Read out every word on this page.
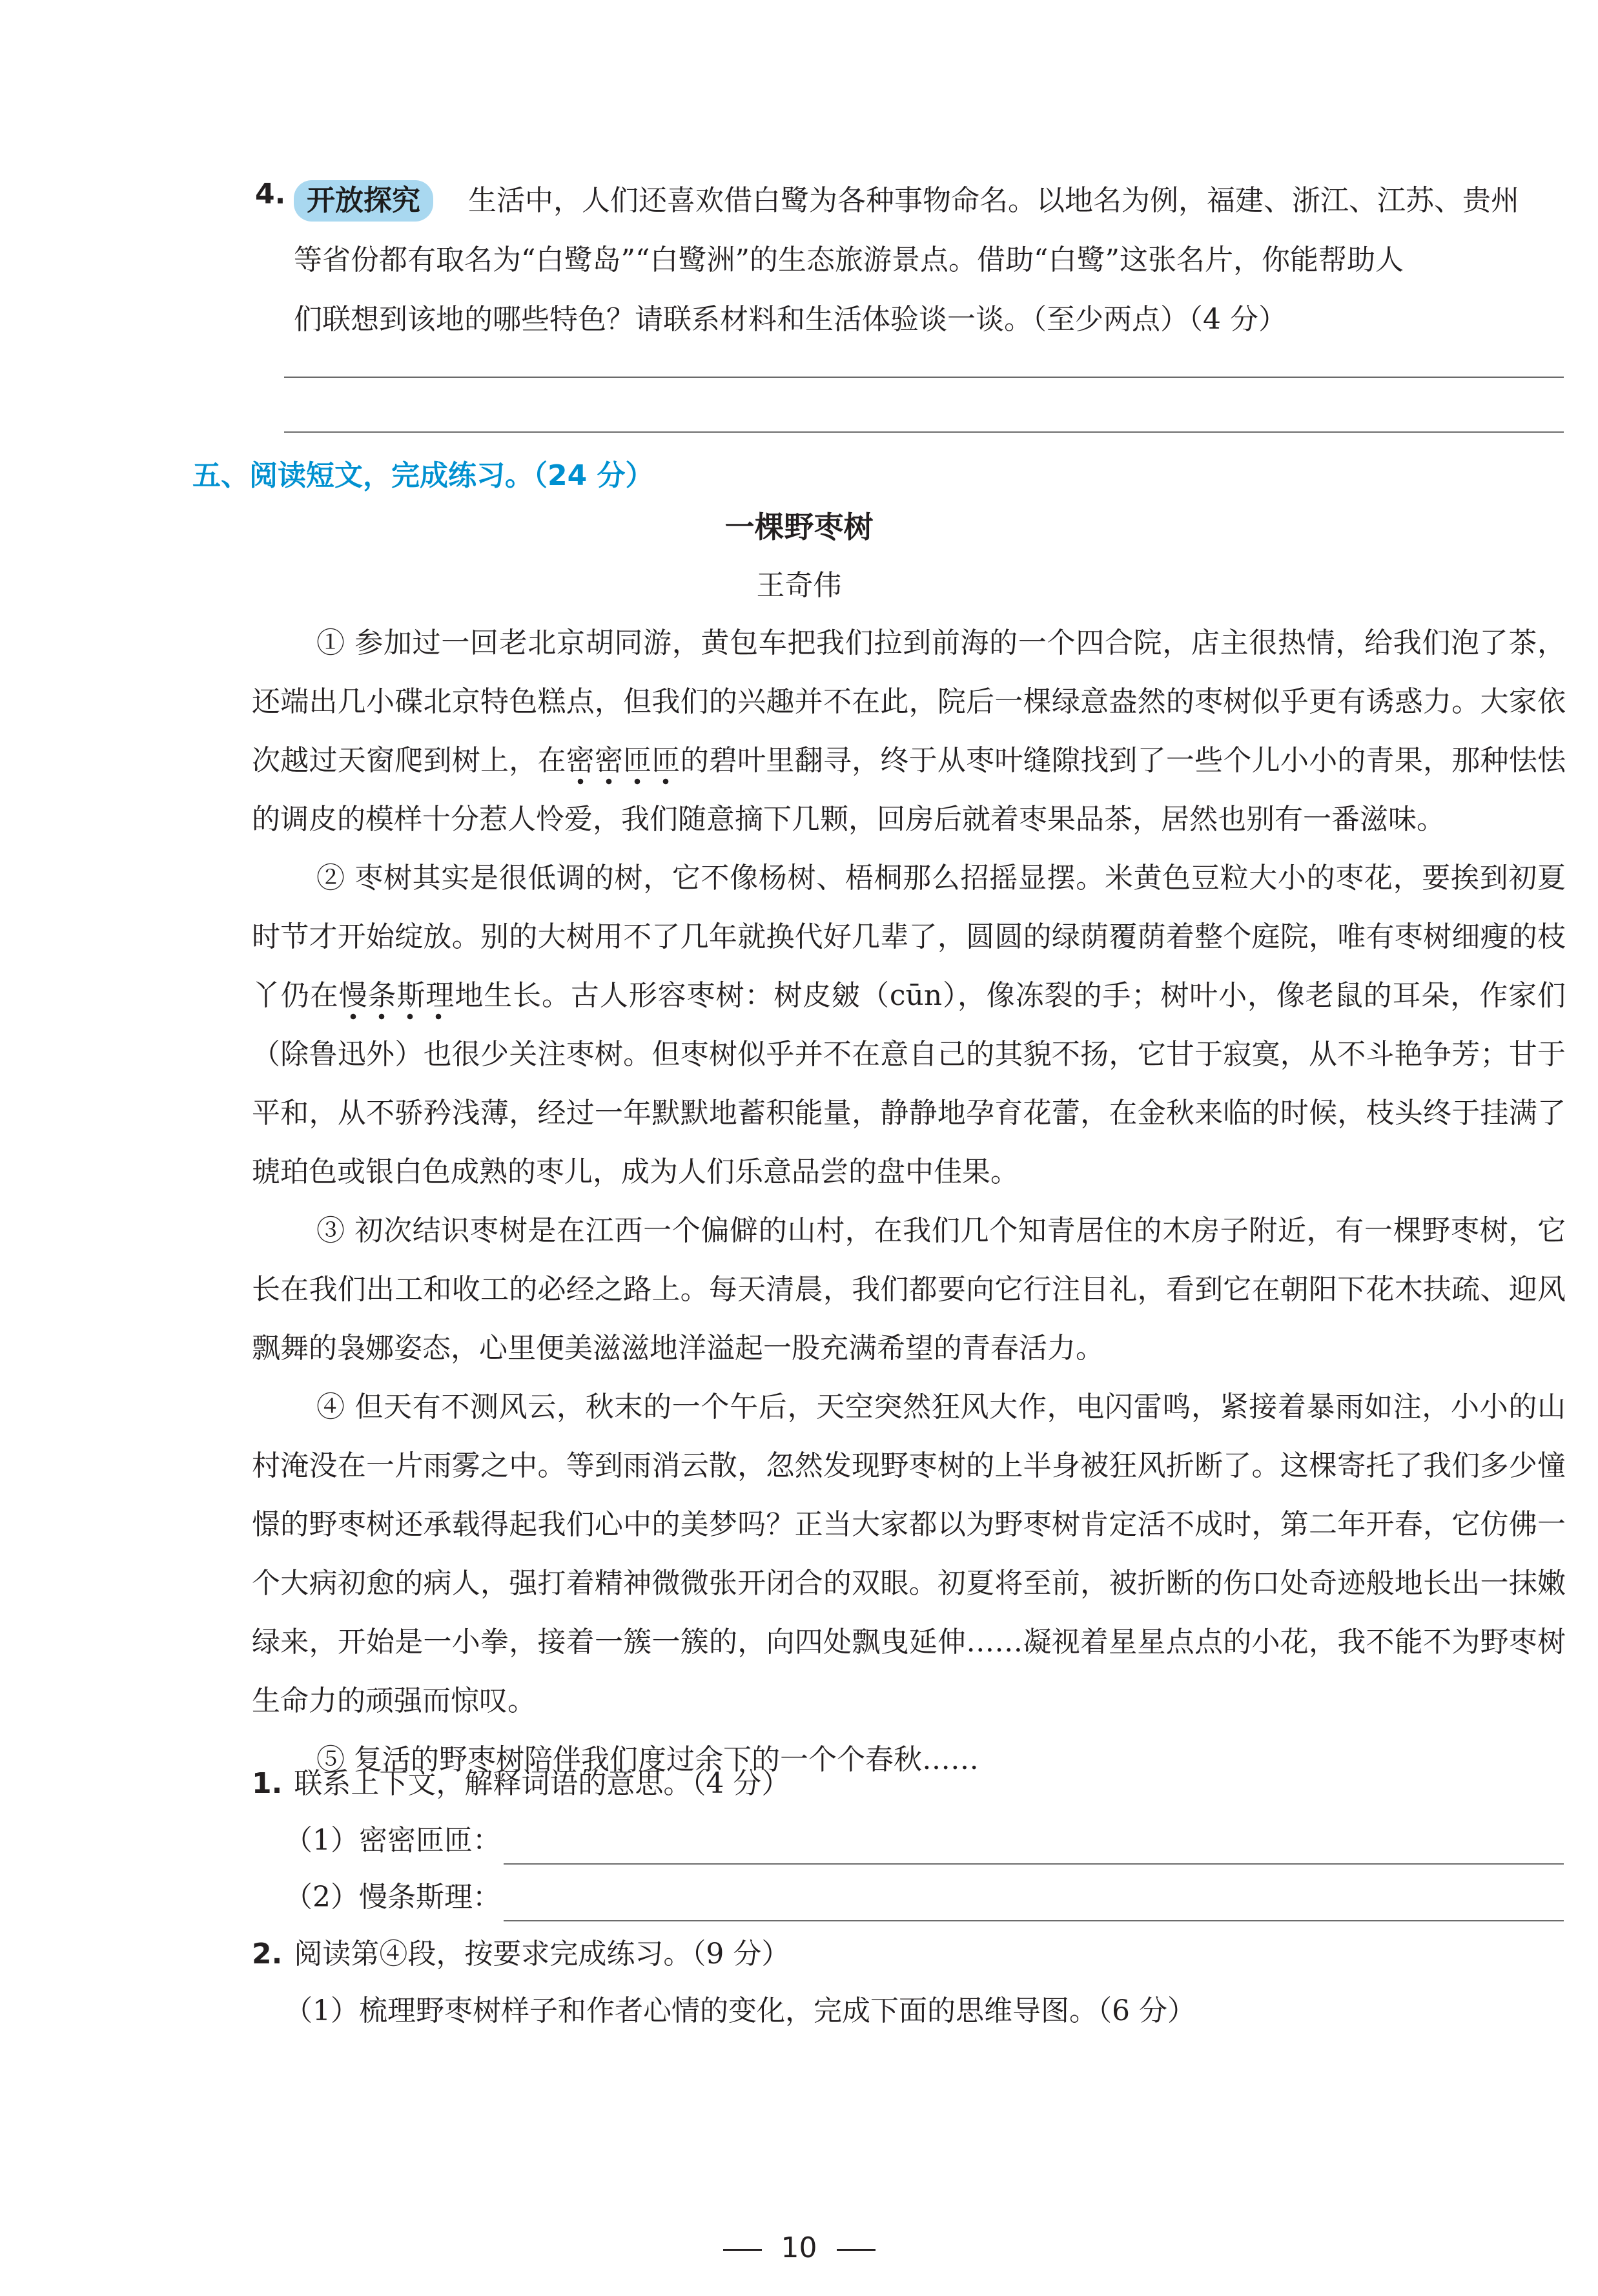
4. 开放探究	生活中，人们还喜欢借白鹭为各种事物命名。以地名为例，福建、浙江、江苏、贵州
等省份都有取名为“白鹭岛”“白鹭洲”的生态旅游景点。借助“白鹭”这张名片，你能帮助人
们联想到该地的哪些特色？请联系材料和生活体验谈一谈。（至少两点）（4 分）
五、阅读短文，完成练习。（24 分）
一棵野枣树
王奇伟

① 参加过一回老北京胡同游，黄包车把我们拉到前海的一个四合院，店主很热情，给我们泡了茶，还端出几小碟北京特色糕点，但我们的兴趣并不在此，院后一棵绿意盎然的枣树似乎更有诱惑力。大家依次越过天窗爬到树上，在密密匝匝的碧叶里翻寻，终于从枣叶缝隙找到了一些个儿小小的青果，那种怯怯的调皮的模样十分惹人怜爱，我们随意摘下几颗，回房后就着枣果品茶，居然也别有一番滋味。

② 枣树其实是很低调的树，它不像杨树、梧桐那么招摇显摆。米黄色豆粒大小的枣花，要挨到初夏时节才开始绽放。别的大树用不了几年就换代好几辈了，圆圆的绿荫覆荫着整个庭院，唯有枣树细瘦的枝丫仍在慢条斯理地生长。古人形容枣树：树皮皴（cūn），像冻裂的手；树叶小，像老鼠的耳朵，作家们（除鲁迅外）也很少关注枣树。但枣树似乎并不在意自己的其貌不扬，它甘于寂寞，从不斗艳争芳；甘于平和，从不骄矜浅薄，经过一年默默地蓄积能量，静静地孕育花蕾，在金秋来临的时候，枝头终于挂满了琥珀色或银白色成熟的枣儿，成为人们乐意品尝的盘中佳果。

③ 初次结识枣树是在江西一个偏僻的山村，在我们几个知青居住的木房子附近，有一棵野枣树，它长在我们出工和收工的必经之路上。每天清晨，我们都要向它行注目礼，看到它在朝阳下花木扶疏、迎风飘舞的袅娜姿态，心里便美滋滋地洋溢起一股充满希望的青春活力。

④ 但天有不测风云，秋末的一个午后，天空突然狂风大作，电闪雷鸣，紧接着暴雨如注，小小的山村淹没在一片雨雾之中。等到雨消云散，忽然发现野枣树的上半身被狂风折断了。这棵寄托了我们多少憧憬的野枣树还承载得起我们心中的美梦吗？正当大家都以为野枣树肯定活不成时，第二年开春，它仿佛一个大病初愈的病人，强打着精神微微张开闭合的双眼。初夏将至前，被折断的伤口处奇迹般地长出一抹嫩绿来，开始是一小拳，接着一簇一簇的，向四处飘曳延伸……凝视着星星点点的小花，我不能不为野枣树生命力的顽强而惊叹。

⑤ 复活的野枣树陪伴我们度过余下的一个个春秋……

1. 联系上下文，解释词语的意思。（4 分）
（1）密密匝匝：
（2）慢条斯理：
2. 阅读第④段，按要求完成练习。（9 分）
（1）梳理野枣树样子和作者心情的变化，完成下面的思维导图。（6 分）
10
